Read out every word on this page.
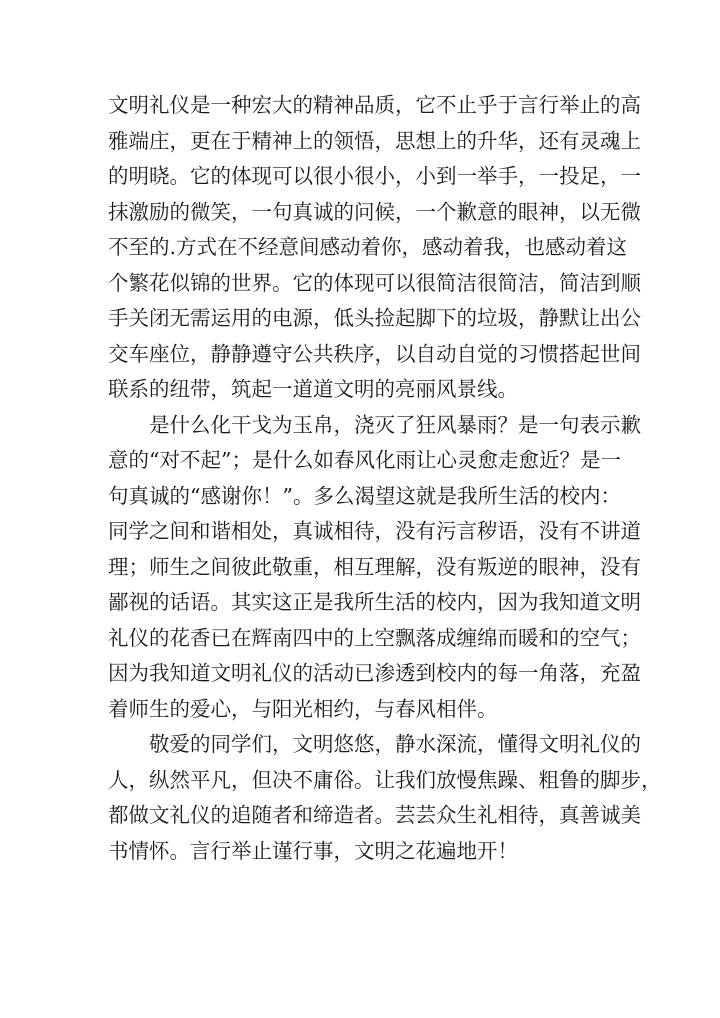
文明礼仪是一种宏大的精神品质，它不止乎于言行举止的高
雅端庄，更在于精神上的领悟，思想上的升华，还有灵魂上
的明晓。它的体现可以很小很小，小到一举手，一投足，一
抹激励的微笑，一句真诚的问候，一个歉意的眼神，以无微
不至的.方式在不经意间感动着你，感动着我，也感动着这
个繁花似锦的世界。它的体现可以很简洁很简洁，简洁到顺
手关闭无需运用的电源，低头捡起脚下的垃圾，静默让出公
交车座位，静静遵守公共秩序，以自动自觉的习惯搭起世间
联系的纽带，筑起一道道文明的亮丽风景线。

　　是什么化干戈为玉帛，浇灭了狂风暴雨？是一句表示歉
意的“对不起”；是什么如春风化雨让心灵愈走愈近？是一
句真诚的“感谢你！”。多么渴望这就是我所生活的校内：
同学之间和谐相处，真诚相待，没有污言秽语，没有不讲道
理；师生之间彼此敬重，相互理解，没有叛逆的眼神，没有
鄙视的话语。其实这正是我所生活的校内，因为我知道文明
礼仪的花香已在辉南四中的上空飘落成缠绵而暖和的空气；
因为我知道文明礼仪的活动已渗透到校内的每一角落，充盈
着师生的爱心，与阳光相约，与春风相伴。

　　敬爱的同学们，文明悠悠，静水深流，懂得文明礼仪的
人，纵然平凡，但决不庸俗。让我们放慢焦躁、粗鲁的脚步，
都做文礼仪的追随者和缔造者。芸芸众生礼相待，真善诚美
书情怀。言行举止谨行事，文明之花遍地开！
